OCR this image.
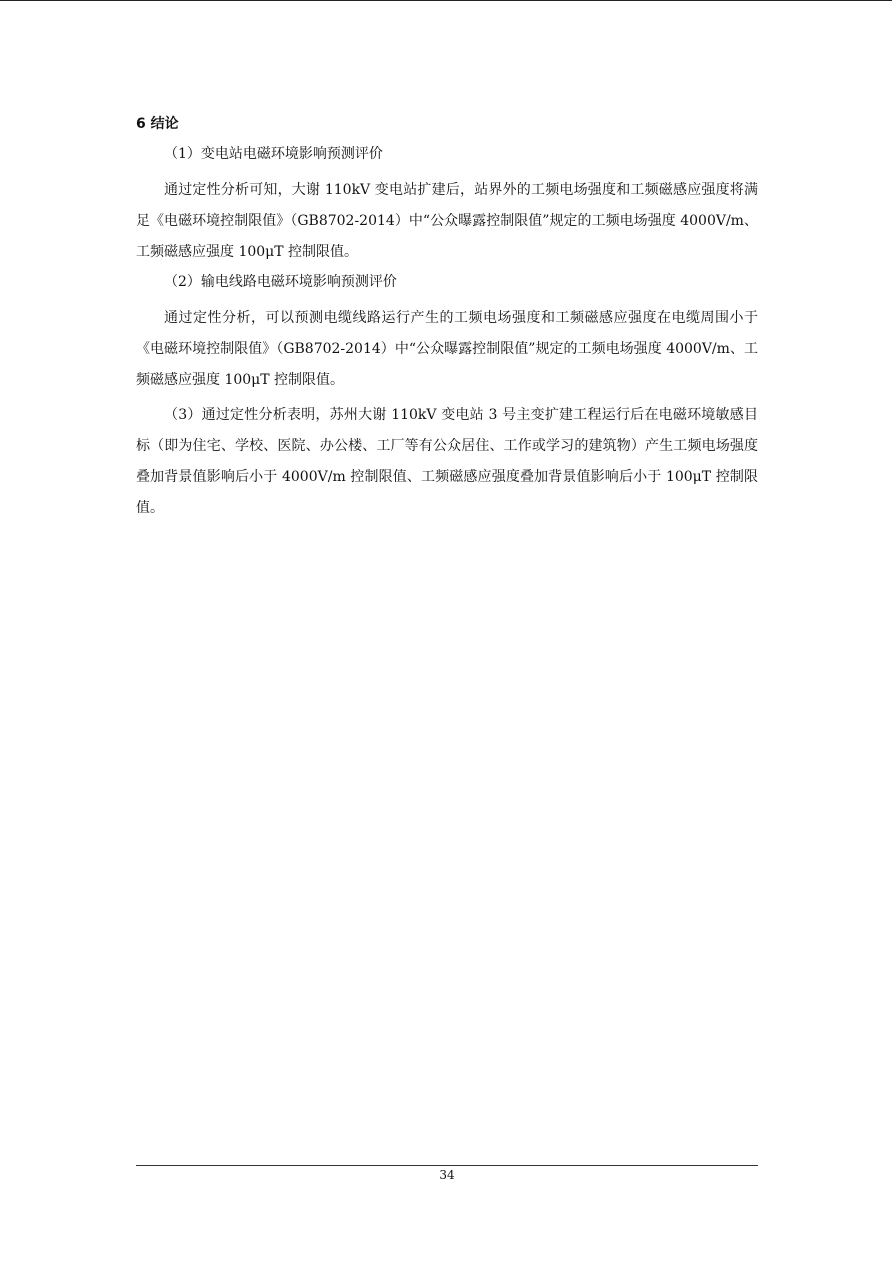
6 结论
（1）变电站电磁环境影响预测评价

通过定性分析可知，大谢 110kV 变电站扩建后，站界外的工频电场强度和工频磁感应强度将满足《电磁环境控制限值》（GB8702-2014）中“公众曝露控制限值”规定的工频电场强度 4000V/m、工频磁感应强度 100μT 控制限值。

（2）输电线路电磁环境影响预测评价

通过定性分析，可以预测电缆线路运行产生的工频电场强度和工频磁感应强度在电缆周围小于《电磁环境控制限值》（GB8702-2014）中“公众曝露控制限值”规定的工频电场强度 4000V/m、工频磁感应强度 100μT 控制限值。

（3）通过定性分析表明，苏州大谢 110kV 变电站 3 号主变扩建工程运行后在电磁环境敏感目标（即为住宅、学校、医院、办公楼、工厂等有公众居住、工作或学习的建筑物）产生工频电场强度叠加背景值影响后小于 4000V/m 控制限值、工频磁感应强度叠加背景值影响后小于 100μT 控制限值。

34
